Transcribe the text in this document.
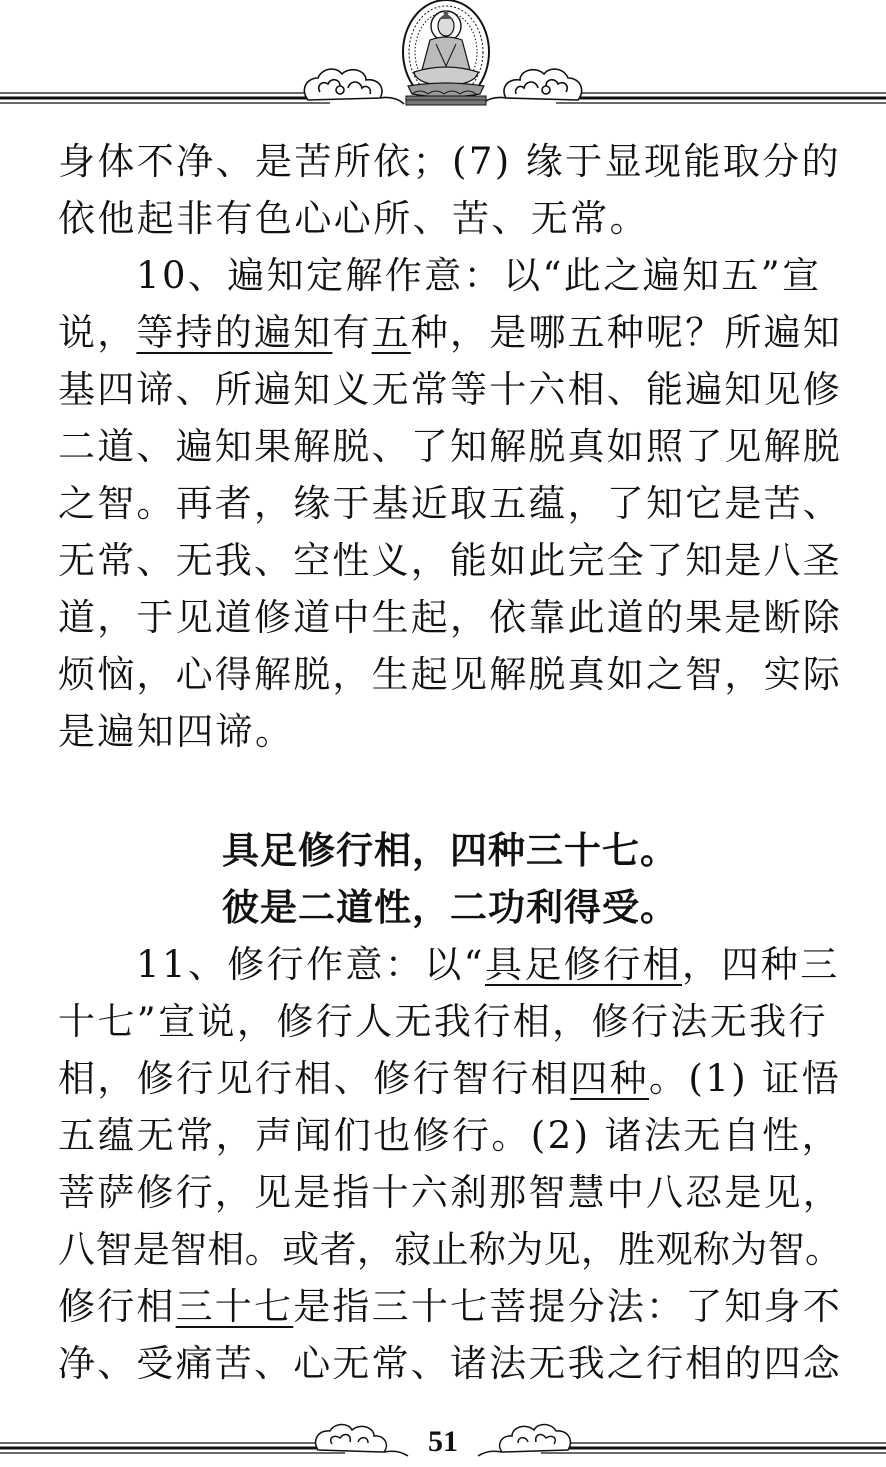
身体不净、是苦所依；(7) 缘于显现能取分的
依他起非有色心心所、苦、无常。
10、遍知定解作意：以“此之遍知五”宣
说，等持的遍知有五种，是哪五种呢？所遍知
基四谛、所遍知义无常等十六相、能遍知见修
二道、遍知果解脱、了知解脱真如照了见解脱
之智。再者，缘于基近取五蕴，了知它是苦、
无常、无我、空性义，能如此完全了知是八圣
道，于见道修道中生起，依靠此道的果是断除
烦恼，心得解脱，生起见解脱真如之智，实际
是遍知四谛。
具足修行相，四种三十七。
彼是二道性，二功利得受。
11、修行作意：以“具足修行相，四种三
十七”宣说，修行人无我行相，修行法无我行
相，修行见行相、修行智行相四种。(1) 证悟
五蕴无常，声闻们也修行。(2) 诸法无自性，
菩萨修行，见是指十六刹那智慧中八忍是见，
八智是智相。或者，寂止称为见，胜观称为智。
修行相三十七是指三十七菩提分法：了知身不
净、受痛苦、心无常、诸法无我之行相的四念
51
